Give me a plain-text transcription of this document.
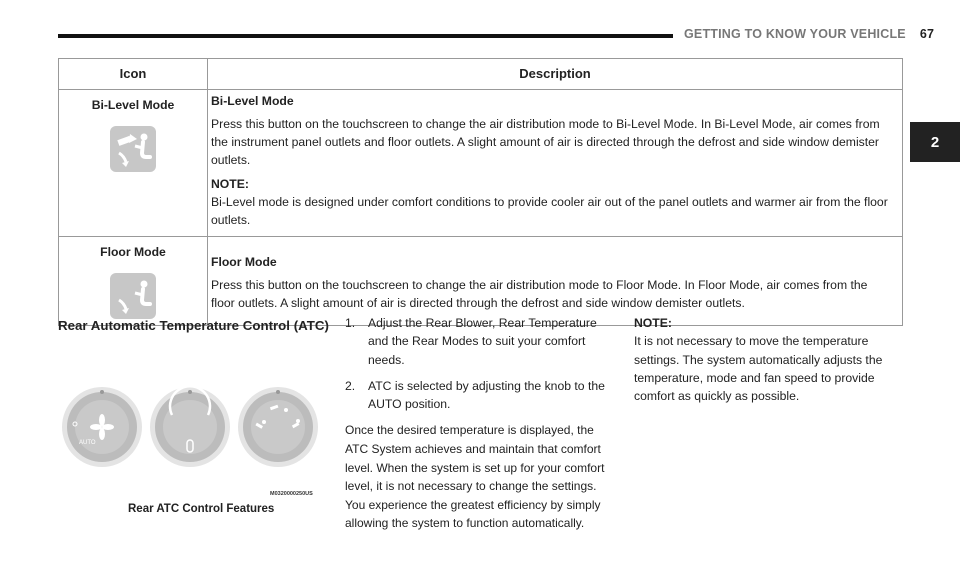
GETTING TO KNOW YOUR VEHICLE 67
2
Icon	Description

Bi-Level Mode	Bi-Level Mode

Press this button on the touchscreen to change the air distribution mode to Bi-Level Mode. In Bi-Level Mode, air comes from the instrument panel outlets and floor outlets. A slight amount of air is directed through the defrost and side window demister outlets.

NOTE:

Bi-Level mode is designed under comfort conditions to provide cooler air out of the panel outlets and warmer air from the floor outlets.

Floor Mode	Floor Mode

Press this button on the touchscreen to change the air distribution mode to Floor Mode. In Floor Mode, air comes from the floor outlets. A slight amount of air is directed through the defrost and side window demister outlets.

Rear Automatic Temperature Control (ATC)
AUTO
M0320000250US
Rear ATC Control Features
1.	Adjust the Rear Blower, Rear Temperature and the Rear Modes to suit your comfort needs.
2.	ATC is selected by adjusting the knob to the AUTO position.
Once the desired temperature is displayed, the ATC System achieves and maintain that comfort level. When the system is set up for your comfort level, it is not necessary to change the settings. You experience the greatest efficiency by simply allowing the system to function automatically.
NOTE:
It is not necessary to move the temperature settings. The system automatically adjusts the temperature, mode and fan speed to provide comfort as quickly as possible.
